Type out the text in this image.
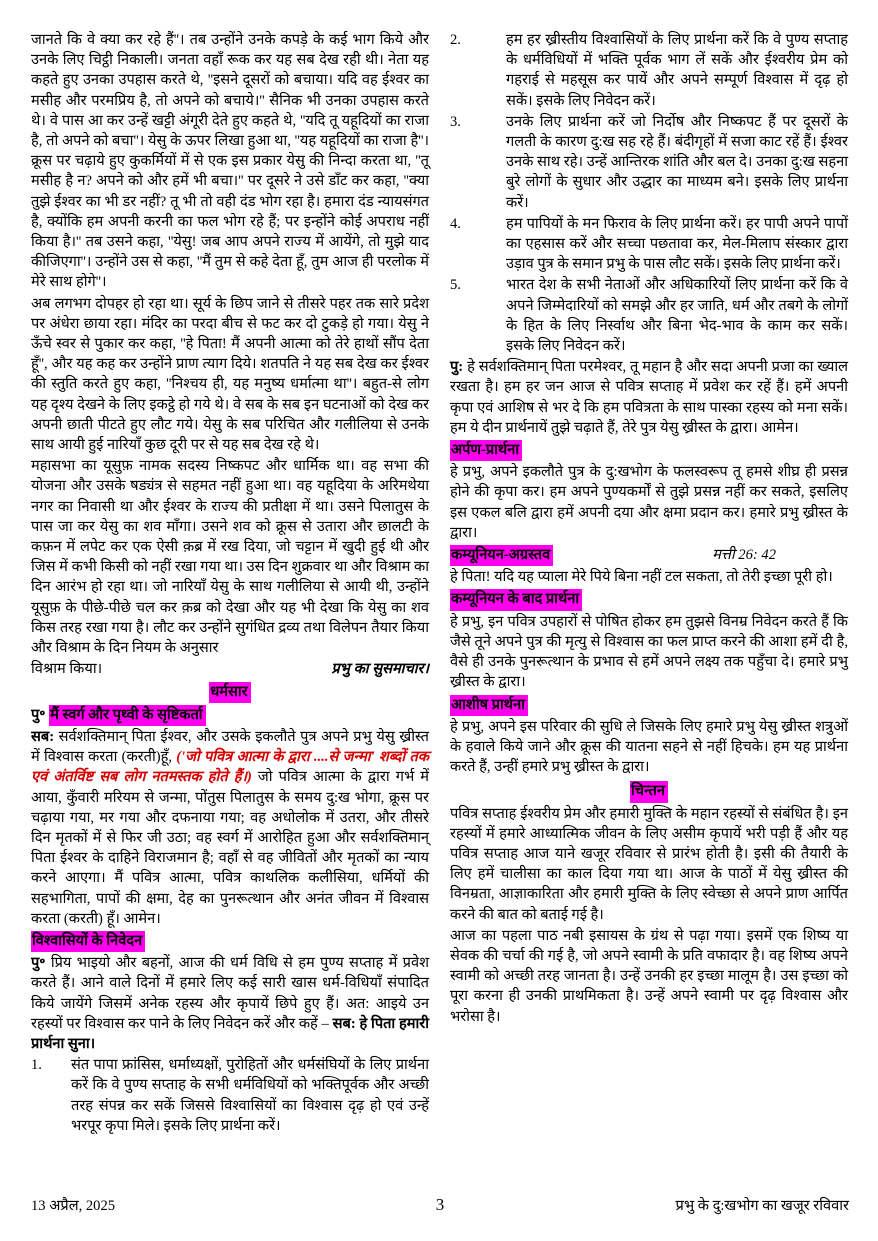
जानते कि वे क्या कर रहे हैं''। तब उन्होंने उनके कपड़े के कई भाग किये और उनके लिए चिट्ठी निकाली। जनता वहाँ रूक कर यह सब देख रही थी। नेता यह कहते हुए उनका उपहास करते थे, ''इसने दूसरों को बचाया। यदि वह ईश्वर का मसीह और परमप्रिय है, तो अपने को बचाये।'' सैनिक भी उनका उपहास करते थे। वे पास आ कर उन्हें खट्टी अंगूरी देते हुए कहते थे, ''यदि तू यहूदियों का राजा है, तो अपने को बचा''। येसु के ऊपर लिखा हुआ था, ''यह यहूदियों का राजा है''। क्रूस पर चढ़ाये हुए कुकर्मियों में से एक इस प्रकार येसु की निन्दा करता था, ''तू मसीह है न? अपने को और हमें भी बचा।'' पर दूसरे ने उसे डाँट कर कहा, ''क्या तुझे ईश्वर का भी डर नहीं? तू भी तो वही दंड भोग रहा है। हमारा दंड न्यायसंगत है, क्योंकि हम अपनी करनी का फल भोग रहे हैं; पर इन्होंने कोई अपराध नहीं किया है।'' तब उसने कहा, ''येसु! जब आप अपने राज्य में आयेंगे, तो मुझे याद कीजिएगा''। उन्होंने उस से कहा, ''मैं तुम से कहे देता हूँ, तुम आज ही परलोक में मेरे साथ होगे''।

अब लगभग दोपहर हो रहा था। सूर्य के छिप जाने से तीसरे पहर तक सारे प्रदेश पर अंधेरा छाया रहा। मंदिर का परदा बीच से फट कर दो टुकड़े हो गया। येसु ने ऊँचे स्वर से पुकार कर कहा, ''हे पिता! मैं अपनी आत्मा को तेरे हाथों सौंप देता हूँ'', और यह कह कर उन्होंने प्राण त्याग दिये। शतपति ने यह सब देख कर ईश्वर की स्तुति करते हुए कहा, ''निश्चय ही, यह मनुष्य धर्मात्मा था''। बहुत-से लोग यह दृश्य देखने के लिए इकट्ठे हो गये थे। वे सब के सब इन घटनाओं को देख कर अपनी छाती पीटते हुए लौट गये। येसु के सब परिचित और गलीलिया से उनके साथ आयी हुई नारियाँ कुछ दूरी पर से यह सब देख रहे थे।

महासभा का यूसुफ़ नामक सदस्य निष्कपट और धार्मिक था। वह सभा की योजना और उसके षड्यंत्र से सहमत नहीं हुआ था। वह यहूदिया के अरिमथेया नगर का निवासी था और ईश्वर के राज्य की प्रतीक्षा में था। उसने पिलातुस के पास जा कर येसु का शव माँगा। उसने शव को क्रूस से उतारा और छालटी के कफ़न में लपेट कर एक ऐसी क़ब्र में रख दिया, जो चट्टान में खुदी हुई थी और जिस में कभी किसी को नहीं रखा गया था। उस दिन शुक्रवार था और विश्राम का दिन आरंभ हो रहा था। जो नारियाँ येसु के साथ गलीलिया से आयी थी, उन्होंने यूसुफ़ के पीछे-पीछे चल कर क़ब्र को देखा और यह भी देखा कि येसु का शव किस तरह रखा गया है। लौट कर उन्होंने सुगंधित द्रव्य तथा विलेपन तैयार किया और विश्राम के दिन नियम के अनुसार

विश्राम किया।	प्रभु का सुसमाचार।
धर्मसार
पु॰ मैं स्वर्ग और पृथ्वी के सृष्टिकर्ता

सब: सर्वशक्तिमान् पिता ईश्वर, और उसके इकलौते पुत्र अपने प्रभु येसु ख्रीस्त में विश्वास करता (करती)हूँ, ('जो पवित्र आत्मा के द्वारा ....से जन्मा' शब्दों तक एवं अंतर्विष्ट सब लोग नतमस्तक होते हैं।) जो पवित्र आत्मा के द्वारा गर्भ में आया, कुँवारी मरियम से जन्मा, पोंतुस पिलातुस के समय दु:ख भोगा, क्रूस पर चढ़ाया गया, मर गया और दफनाया गया; वह अधोलोक में उतरा, और तीसरे दिन मृतकों में से फिर जी उठा; वह स्वर्ग में आरोहित हुआ और सर्वशक्तिमान् पिता ईश्वर के दाहिने विराजमान है; वहाँ से वह जीवितों और मृतकों का न्याय करने आएगा। मैं पवित्र आत्मा, पवित्र काथलिक कलीसिया, धर्मियों की सहभागिता, पापों की क्षमा, देह का पुनरूत्थान और अनंत जीवन में विश्वास करता (करती) हूँ। आमेन।

विश्वासियों के निवेदन

पु॰ प्रिय भाइयो और बहनों, आज की धर्म विधि से हम पुण्य सप्ताह में प्रवेश करते हैं। आने वाले दिनों में हमारे लिए कई सारी खास धर्म-विधियाँ संपादित किये जायेंगे जिसमें अनेक रहस्य और कृपायें छिपे हुए हैं। अत: आइये उन रहस्यों पर विश्वास कर पाने के लिए निवेदन करें और कहें – सब: हे पिता हमारी प्रार्थना सुना।

1.	संत पापा फ्रांसिस, धर्माध्यक्षों, पुरोहितों और धर्मसंघियों के लिए प्रार्थना करें कि वे पुण्य सप्ताह के सभी धर्मविधियों को भक्तिपूर्वक और अच्छी तरह संपन्न कर सकें जिससे विश्वासियों का विश्वास दृढ़ हो एवं उन्हें भरपूर कृपा मिले। इसके लिए प्रार्थना करें।
2.	हम हर ख्रीस्तीय विश्वासियों के लिए प्रार्थना करें कि वे पुण्य सप्ताह के धर्मविधियों में भक्ति पूर्वक भाग लें सकें और ईश्वरीय प्रेम को गहराई से महसूस कर पायें और अपने सम्पूर्ण विश्वास में दृढ़ हो सकें। इसके लिए निवेदन करें।
3.	उनके लिए प्रार्थना करें जो निर्दोष और निष्कपट हैं पर दूसरों के गलती के कारण दु:ख सह रहे हैं। बंदीगृहों में सजा काट रहें हैं। ईश्वर उनके साथ रहे। उन्हें आन्तिरक शांति और बल दे। उनका दु:ख सहना बुरे लोगों के सुधार और उद्धार का माध्यम बने। इसके लिए प्रार्थना करें।
4.	हम पापियों के मन फिराव के लिए प्रार्थना करें। हर पापी अपने पापों का एहसास करें और सच्चा पछतावा कर, मेल-मिलाप संस्कार द्वारा उड़ाव पुत्र के समान प्रभु के पास लौट सकें। इसके लिए प्रार्थना करें।
5.	भारत देश के सभी नेताओं और अधिकारियों लिए प्रार्थना करें कि वे अपने जिम्मेदारियों को समझे और हर जाति, धर्म और तबगे के लोगों के हित के लिए निर्स्वाथ और बिना भेद-भाव के काम कर सकें। इसके लिए निवेदन करें।

पु: हे सर्वशक्तिमान् पिता परमेश्वर, तू महान है और सदा अपनी प्रजा का ख्याल रखता है। हम हर जन आज से पवित्र सप्ताह में प्रवेश कर रहें हैं। हमें अपनी कृपा एवं आशिष से भर दे कि हम पवित्रता के साथ पास्का रहस्य को मना सकें। हम ये दीन प्रार्थनायें तुझे चढ़ाते हैं, तेरे पुत्र येसु ख्रीस्त के द्वारा। आमेन।

अर्पण-प्रार्थना

हे प्रभु, अपने इकलौते पुत्र के दु:खभोग के फलस्वरूप तू हमसे शीघ्र ही प्रसन्न होने की कृपा कर। हम अपने पुण्यकर्मों से तुझे प्रसन्न नहीं कर सकते, इसलिए इस एकल बलि द्वारा हमें अपनी दया और क्षमा प्रदान कर। हमारे प्रभु ख्रीस्त के द्वारा।

कम्यूनियन-अग्रस्तव	मत्ती 26: 42

हे पिता! यदि यह प्याला मेरे पिये बिना नहीं टल सकता, तो तेरी इच्छा पूरी हो।

कम्यूनियन के बाद प्रार्थना

हे प्रभु, इन पवित्र उपहारों से पोषित होकर हम तुझसे विनम्र निवेदन करते हैं कि जैसे तूने अपने पुत्र की मृत्यु से विश्वास का फल प्राप्त करने की आशा हमें दी है, वैसे ही उनके पुनरूत्थान के प्रभाव से हमें अपने लक्ष्य तक पहुँचा दे। हमारे प्रभु ख्रीस्त के द्वारा।

आशीष प्रार्थना

हे प्रभु, अपने इस परिवार की सुधि ले जिसके लिए हमारे प्रभु येसु ख्रीस्त शत्रुओं के हवाले किये जाने और क्रूस की यातना सहने से नहीं हिचके। हम यह प्रार्थना करते हैं, उन्हीं हमारे प्रभु ख्रीस्त के द्वारा।

चिन्तन

पवित्र सप्ताह ईश्वरीय प्रेम और हमारी मुक्ति के महान रहस्यों से संबंधित है। इन रहस्यों में हमारे आध्यात्मिक जीवन के लिए असीम कृपायें भरी पड़ी हैं और यह पवित्र सप्ताह आज याने खजूर रविवार से प्रारंभ होती है। इसी की तैयारी के लिए हमें चालीसा का काल दिया गया था। आज के पाठों में येसु ख्रीस्त की विनम्रता, आज्ञाकारिता और हमारी मुक्ति के लिए स्वेच्छा से अपने प्राण आर्पित करने की बात को बताई गई है।

आज का पहला पाठ नबी इसायस के ग्रंथ से पढ़ा गया। इसमें एक शिष्य या सेवक की चर्चा की गई है, जो अपने स्वामी के प्रति वफादार है। वह शिष्य अपने स्वामी को अच्छी तरह जानता है। उन्हें उनकी हर इच्छा मालूम है। उस इच्छा को पूरा करना ही उनकी प्राथमिकता है। उन्हें अपने स्वामी पर दृढ़ विश्वास और भरोसा है।

13 अप्रैल, 2025	3	प्रभु के दु:खभोग का खजूर रविवार
